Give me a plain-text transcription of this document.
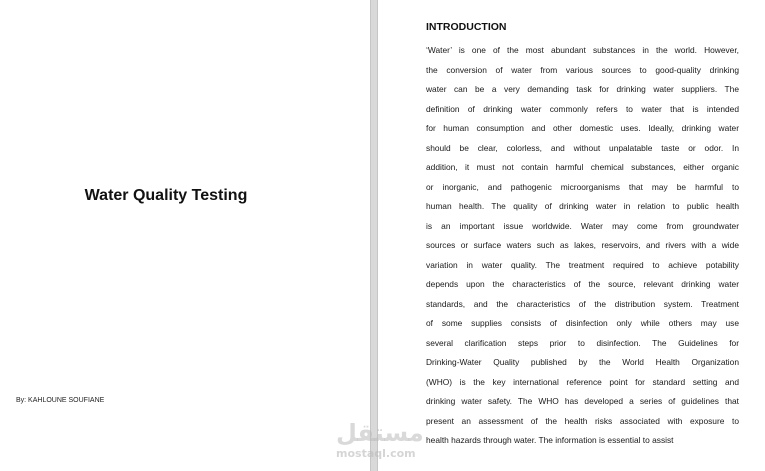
Water Quality Testing
By: KAHLOUNE SOUFIANE
INTRODUCTION
‘Water’ is one of the most abundant substances in the world. However,
the conversion of water from various sources to good-quality drinking
water can be a very demanding task for drinking water suppliers. The
definition of drinking water commonly refers to water that is intended
for human consumption and other domestic uses. Ideally, drinking water
should be clear, colorless, and without unpalatable taste or odor. In
addition, it must not contain harmful chemical substances, either organic
or inorganic, and pathogenic microorganisms that may be harmful to
human health. The quality of drinking water in relation to public health
is an important issue worldwide. Water may come from groundwater
sources or surface waters such as lakes, reservoirs, and rivers with a wide
variation in water quality. The treatment required to achieve potability
depends upon the characteristics of the source, relevant drinking water
standards, and the characteristics of the distribution system. Treatment
of some supplies consists of disinfection only while others may use
several clarification steps prior to disinfection. The Guidelines for
Drinking-Water Quality published by the World Health Organization
(WHO) is the key international reference point for standard setting and
drinking water safety. The WHO has developed a series of guidelines that
present an assessment of the health risks associated with exposure to
health hazards through water. The information is essential to assist
مستقل
mostaql.com
